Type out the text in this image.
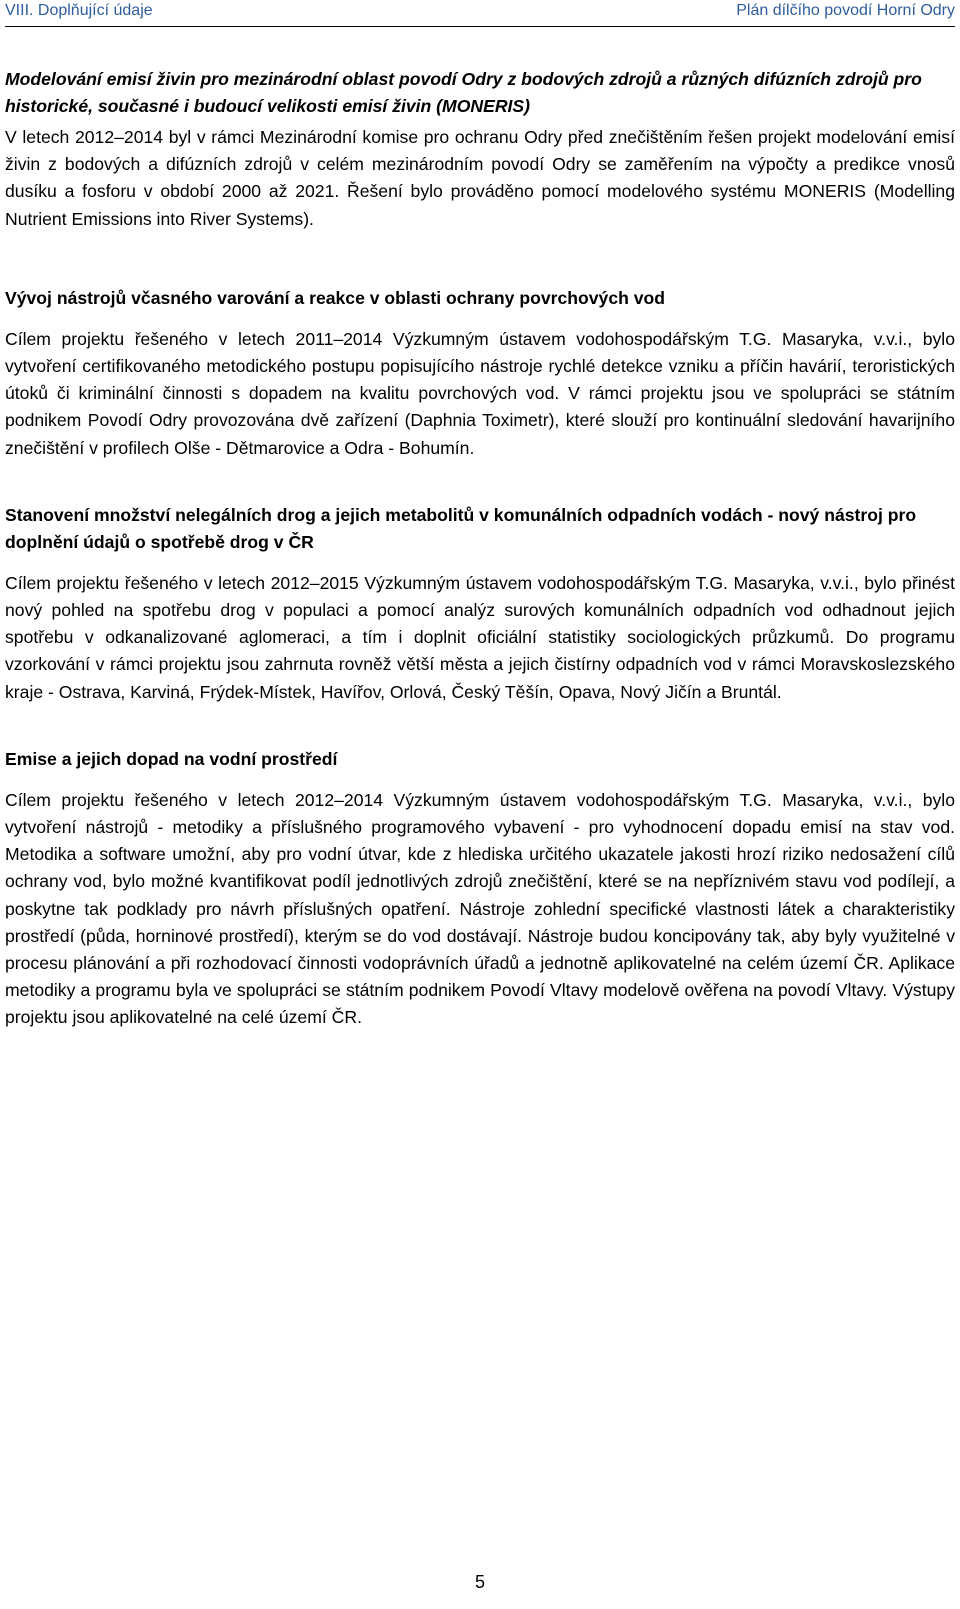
VIII. Doplňující údaje	Plán dílčího povodí Horní Odry
Modelování emisí živin pro mezinárodní oblast povodí Odry z bodových zdrojů a různých difúzních zdrojů pro historické, současné i budoucí velikosti emisí živin (MONERIS)

V letech 2012–2014 byl v rámci Mezinárodní komise pro ochranu Odry před znečištěním řešen projekt modelování emisí živin z bodových a difúzních zdrojů v celém mezinárodním povodí Odry se zaměřením na výpočty a predikce vnosů dusíku a fosforu v období 2000 až 2021. Řešení bylo prováděno pomocí modelového systému MONERIS (Modelling Nutrient Emissions into River Systems).

Vývoj nástrojů včasného varování a reakce v oblasti ochrany povrchových vod

Cílem projektu řešeného v letech 2011–2014 Výzkumným ústavem vodohospodářským T.G. Masaryka, v.v.i., bylo vytvoření certifikovaného metodického postupu popisujícího nástroje rychlé detekce vzniku a příčin havárií, teroristických útoků či kriminální činnosti s dopadem na kvalitu povrchových vod. V rámci projektu jsou ve spolupráci se státním podnikem Povodí Odry provozována dvě zařízení (Daphnia Toximetr), které slouží pro kontinuální sledování havarijního znečištění v profilech Olše - Dětmarovice a Odra - Bohumín.

Stanovení množství nelegálních drog a jejich metabolitů v komunálních odpadních vodách - nový nástroj pro doplnění údajů o spotřebě drog v ČR

Cílem projektu řešeného v letech 2012–2015 Výzkumným ústavem vodohospodářským T.G. Masaryka, v.v.i., bylo přinést nový pohled na spotřebu drog v populaci a pomocí analýz surových komunálních odpadních vod odhadnout jejich spotřebu v odkanalizované aglomeraci, a tím i doplnit oficiální statistiky sociologických průzkumů. Do programu vzorkování v rámci projektu jsou zahrnuta rovněž větší města a jejich čistírny odpadních vod v rámci Moravskoslezského kraje - Ostrava, Karviná, Frýdek-Místek, Havířov, Orlová, Český Těšín, Opava, Nový Jičín a Bruntál.

Emise a jejich dopad na vodní prostředí

Cílem projektu řešeného v letech 2012–2014 Výzkumným ústavem vodohospodářským T.G. Masaryka, v.v.i., bylo vytvoření nástrojů - metodiky a příslušného programového vybavení - pro vyhodnocení dopadu emisí na stav vod. Metodika a software umožní, aby pro vodní útvar, kde z hlediska určitého ukazatele jakosti hrozí riziko nedosažení cílů ochrany vod, bylo možné kvantifikovat podíl jednotlivých zdrojů znečištění, které se na nepříznivém stavu vod podílejí, a poskytne tak podklady pro návrh příslušných opatření. Nástroje zohlední specifické vlastnosti látek a charakteristiky prostředí (půda, horninové prostředí), kterým se do vod dostávají. Nástroje budou koncipovány tak, aby byly využitelné v procesu plánování a při rozhodovací činnosti vodoprávních úřadů a jednotně aplikovatelné na celém území ČR. Aplikace metodiky a programu byla ve spolupráci se státním podnikem Povodí Vltavy modelově ověřena na povodí Vltavy. Výstupy projektu jsou aplikovatelné na celé území ČR.

5
